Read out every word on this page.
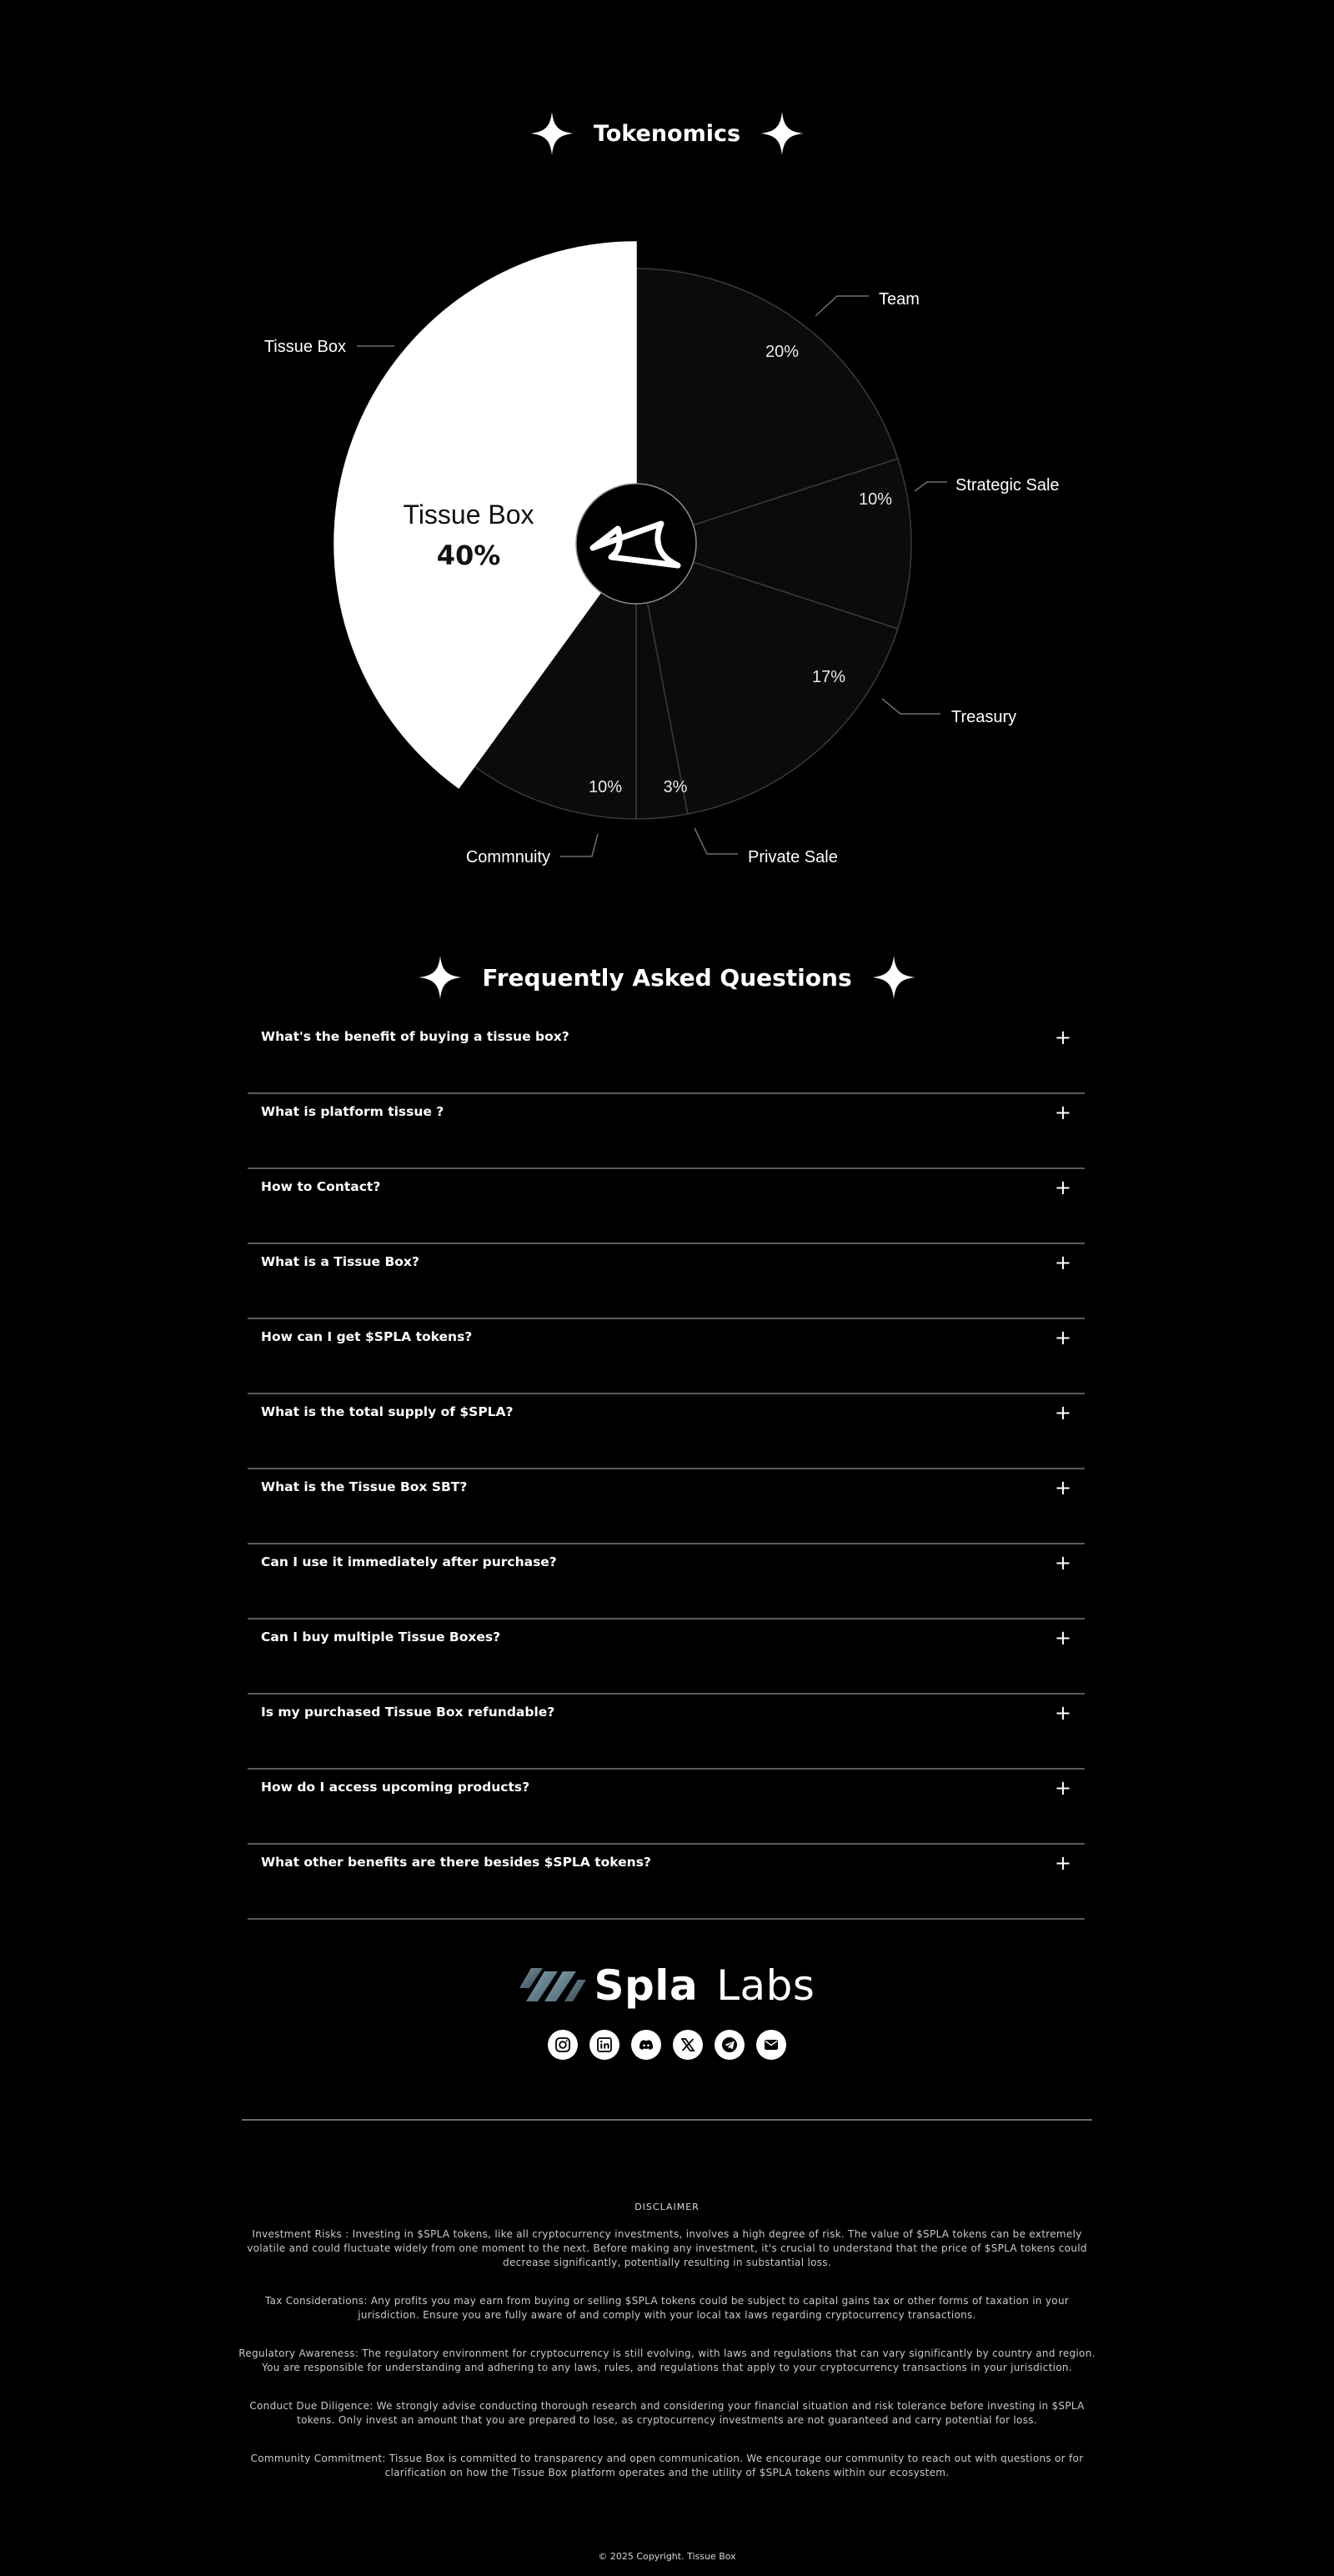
Tokenomics
Team
20%
Strategic Sale
10%
Treasury
17%
Private Sale
3%
Commnuity
10%
Tissue Box
Tissue Box
40%
Frequently Asked Questions
What's the benefit of buying a tissue box?	+
What is platform tissue ?	+
How to Contact?	+
What is a Tissue Box?	+
How can I get $SPLA tokens?	+
What is the total supply of $SPLA?	+
What is the Tissue Box SBT?	+
Can I use it immediately after purchase?	+
Can I buy multiple Tissue Boxes?	+
Is my purchased Tissue Box refundable?	+
How do I access upcoming products?	+
What other benefits are there besides $SPLA tokens?	+
Spla Labs
DISCLAIMER

Investment Risks : Investing in $SPLA tokens, like all cryptocurrency investments, involves a high degree of risk. The value of $SPLA tokens can be extremely volatile and could fluctuate widely from one moment to the next. Before making any investment, it's crucial to understand that the price of $SPLA tokens could decrease significantly, potentially resulting in substantial loss.

Tax Considerations: Any profits you may earn from buying or selling $SPLA tokens could be subject to capital gains tax or other forms of taxation in your jurisdiction. Ensure you are fully aware of and comply with your local tax laws regarding cryptocurrency transactions.

Regulatory Awareness: The regulatory environment for cryptocurrency is still evolving, with laws and regulations that can vary significantly by country and region. You are responsible for understanding and adhering to any laws, rules, and regulations that apply to your cryptocurrency transactions in your jurisdiction.

Conduct Due Diligence: We strongly advise conducting thorough research and considering your financial situation and risk tolerance before investing in $SPLA tokens. Only invest an amount that you are prepared to lose, as cryptocurrency investments are not guaranteed and carry potential for loss.

Community Commitment: Tissue Box is committed to transparency and open communication. We encourage our community to reach out with questions or for clarification on how the Tissue Box platform operates and the utility of $SPLA tokens within our ecosystem.

© 2025 Copyright. Tissue Box
